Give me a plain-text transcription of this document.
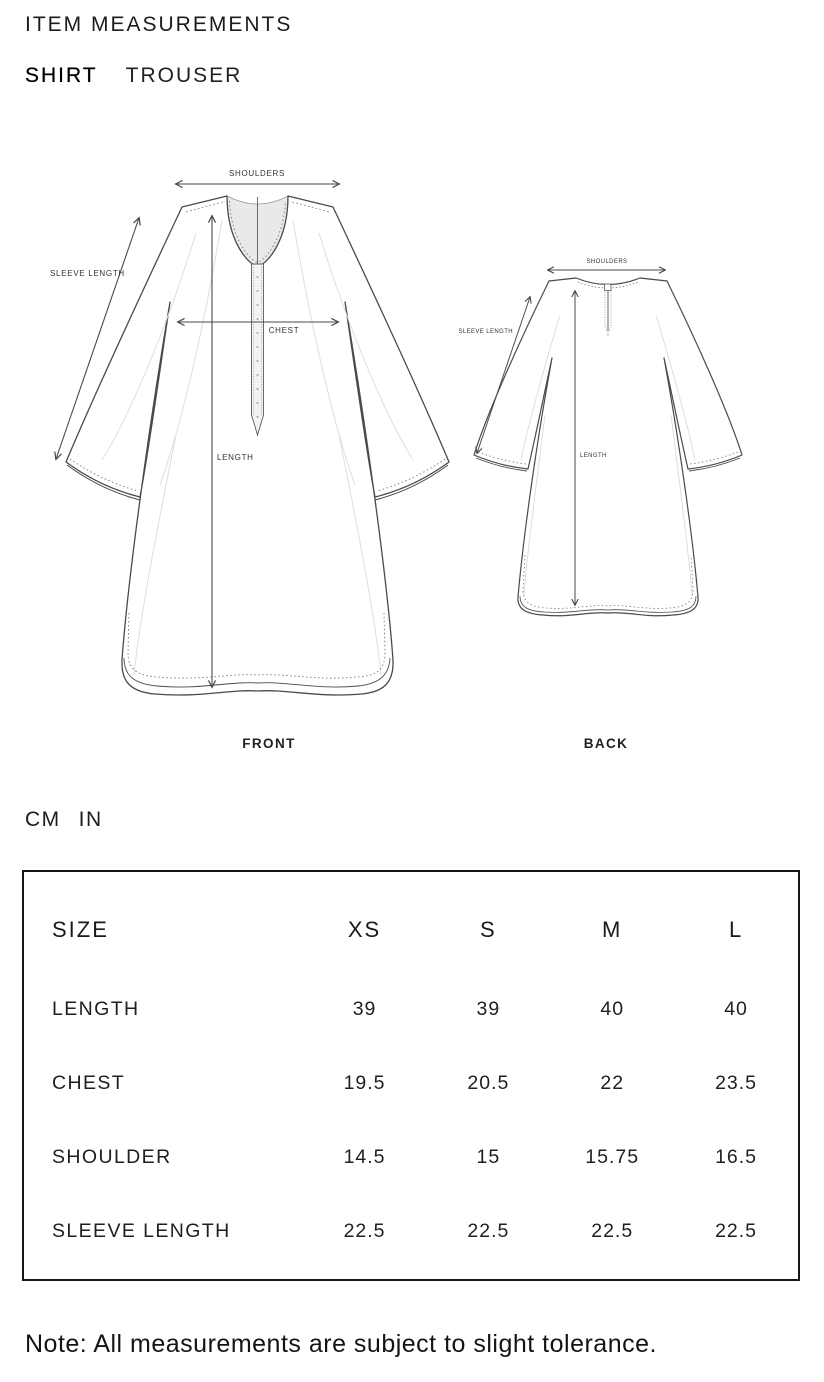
ITEM MEASUREMENTS
SHIRT TROUSER
SHOULDERS
SLEEVE LENGTH
CHEST
LENGTH
FRONT
SHOULDERS
SLEEVE LENGTH
LENGTH
BACK
CM IN
SIZE	XS	S	M	L
LENGTH	39	39	40	40
CHEST	19.5	20.5	22	23.5
SHOULDER	14.5	15	15.75	16.5
SLEEVE LENGTH	22.5	22.5	22.5	22.5
Note: All measurements are subject to slight tolerance.
